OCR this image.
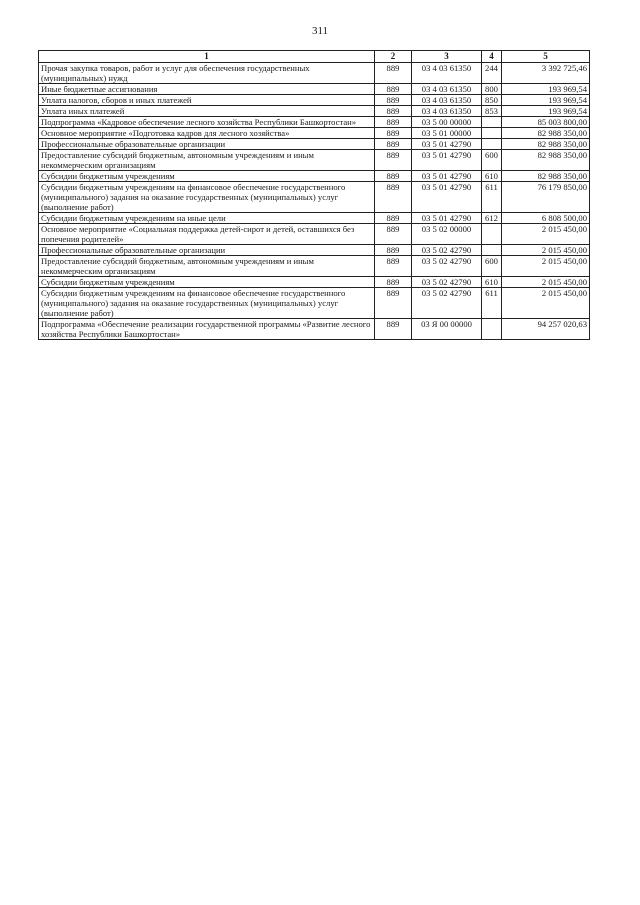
311
1	2	3	4	5
Прочая закупка товаров, работ и услуг для обеспечения государственных (муниципальных) нужд	889	03 4 03 61350	244	3 392 725,46
Иные бюджетные ассигнования	889	03 4 03 61350	800	193 969,54
Уплата налогов, сборов и иных платежей	889	03 4 03 61350	850	193 969,54
Уплата иных платежей	889	03 4 03 61350	853	193 969,54
Подпрограмма «Кадровое обеспечение лесного хозяйства Республики Башкортостан»	889	03 5 00 00000		85 003 800,00
Основное мероприятие «Подготовка кадров для лесного хозяйства»	889	03 5 01 00000		82 988 350,00
Профессиональные образовательные организации	889	03 5 01 42790		82 988 350,00
Предоставление субсидий бюджетным, автономным учреждениям и иным некоммерческим организациям	889	03 5 01 42790	600	82 988 350,00
Субсидии бюджетным учреждениям	889	03 5 01 42790	610	82 988 350,00
Субсидии бюджетным учреждениям на финансовое обеспечение государственного (муниципального) задания на оказание государственных (муниципальных) услуг (выполнение работ)	889	03 5 01 42790	611	76 179 850,00
Субсидии бюджетным учреждениям на иные цели	889	03 5 01 42790	612	6 808 500,00
Основное мероприятие «Социальная поддержка детей-сирот и детей, оставшихся без попечения родителей»	889	03 5 02 00000		2 015 450,00
Профессиональные образовательные организации	889	03 5 02 42790		2 015 450,00
Предоставление субсидий бюджетным, автономным учреждениям и иным некоммерческим организациям	889	03 5 02 42790	600	2 015 450,00
Субсидии бюджетным учреждениям	889	03 5 02 42790	610	2 015 450,00
Субсидии бюджетным учреждениям на финансовое обеспечение государственного (муниципального) задания на оказание государственных (муниципальных) услуг (выполнение работ)	889	03 5 02 42790	611	2 015 450,00
Подпрограмма «Обеспечение реализации государственной программы «Развитие лесного хозяйства Республики Башкортостан»	889	03 Я 00 00000		94 257 020,63
